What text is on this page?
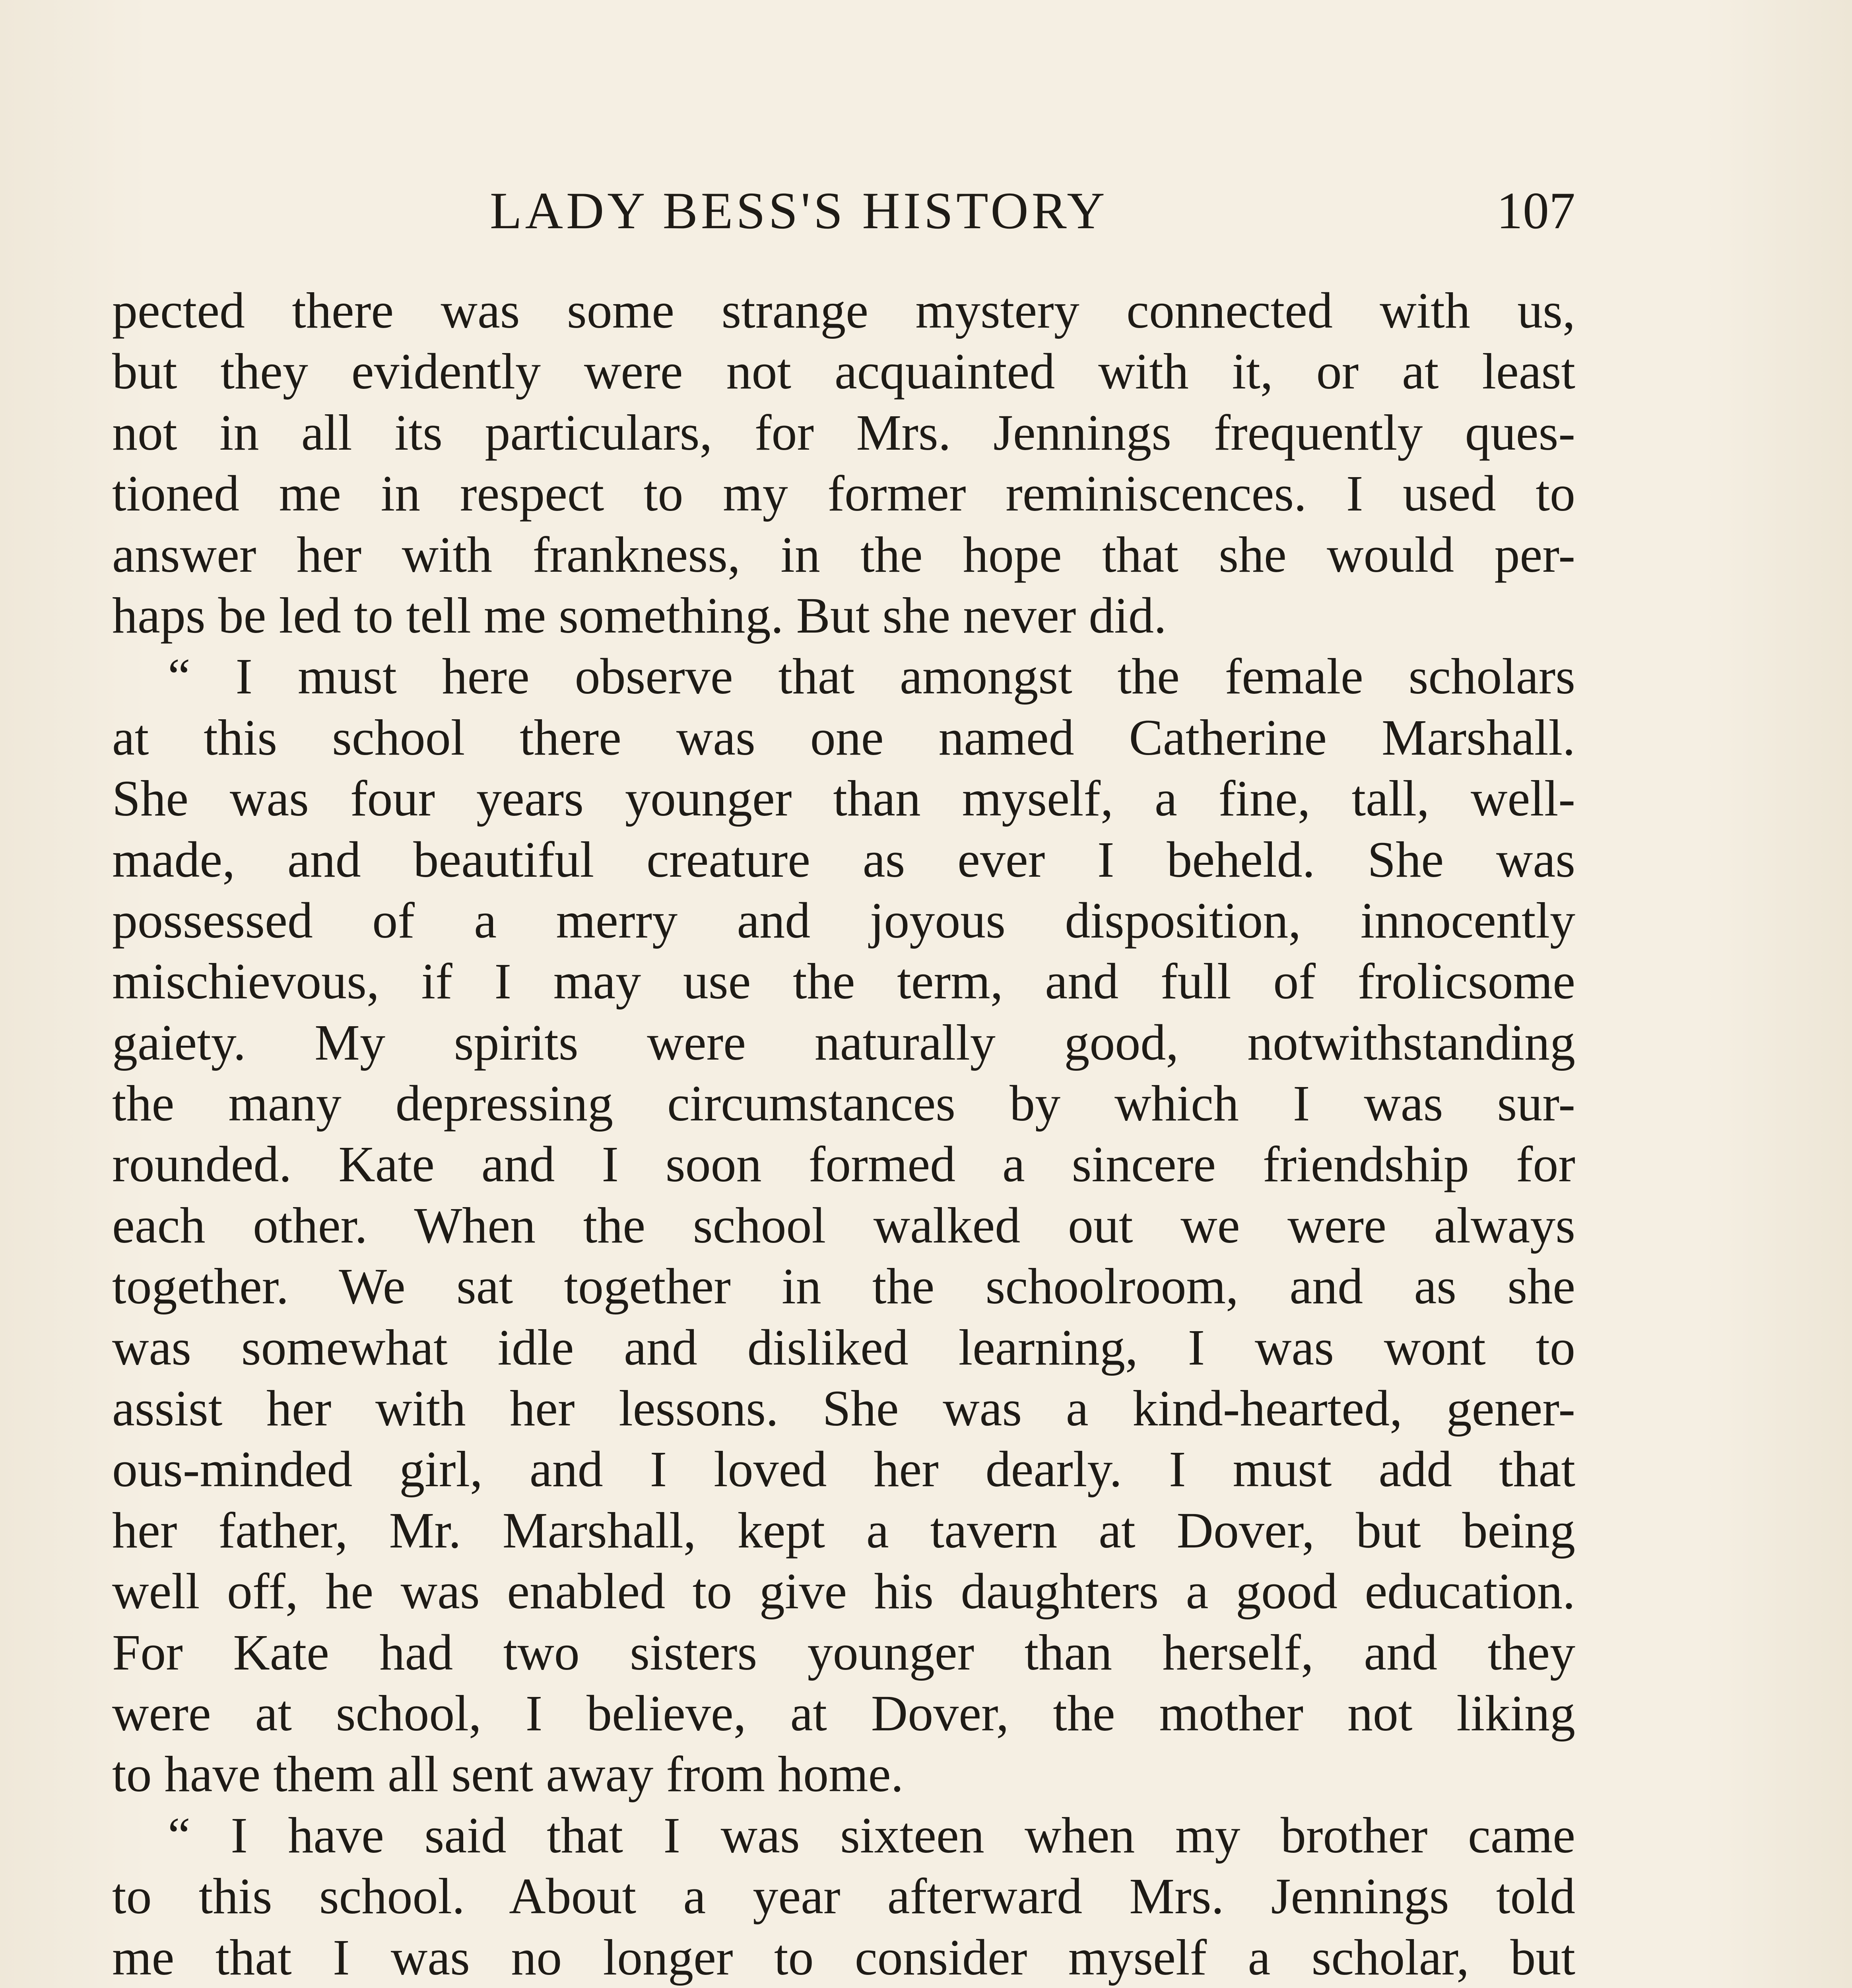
LADY BESS'S HISTORY	107
pected there was some strange mystery connected with us,
but they evidently were not acquainted with it, or at least
not in all its particulars, for Mrs. Jennings frequently ques-
tioned me in respect to my former reminiscences. I used to
answer her with frankness, in the hope that she would per-
haps be led to tell me something. But she never did.
“ I must here observe that amongst the female scholars
at this school there was one named Catherine Marshall.
She was four years younger than myself, a fine, tall, well-
made, and beautiful creature as ever I beheld. She was
possessed of a merry and joyous disposition, innocently
mischievous, if I may use the term, and full of frolicsome
gaiety. My spirits were naturally good, notwithstanding
the many depressing circumstances by which I was sur-
rounded. Kate and I soon formed a sincere friendship for
each other. When the school walked out we were always
together. We sat together in the schoolroom, and as she
was somewhat idle and disliked learning, I was wont to
assist her with her lessons. She was a kind-hearted, gener-
ous-minded girl, and I loved her dearly. I must add that
her father, Mr. Marshall, kept a tavern at Dover, but being
well off, he was enabled to give his daughters a good education.
For Kate had two sisters younger than herself, and they
were at school, I believe, at Dover, the mother not liking
to have them all sent away from home.
“ I have said that I was sixteen when my brother came
to this school. About a year afterward Mrs. Jennings told
me that I was no longer to consider myself a scholar, but
